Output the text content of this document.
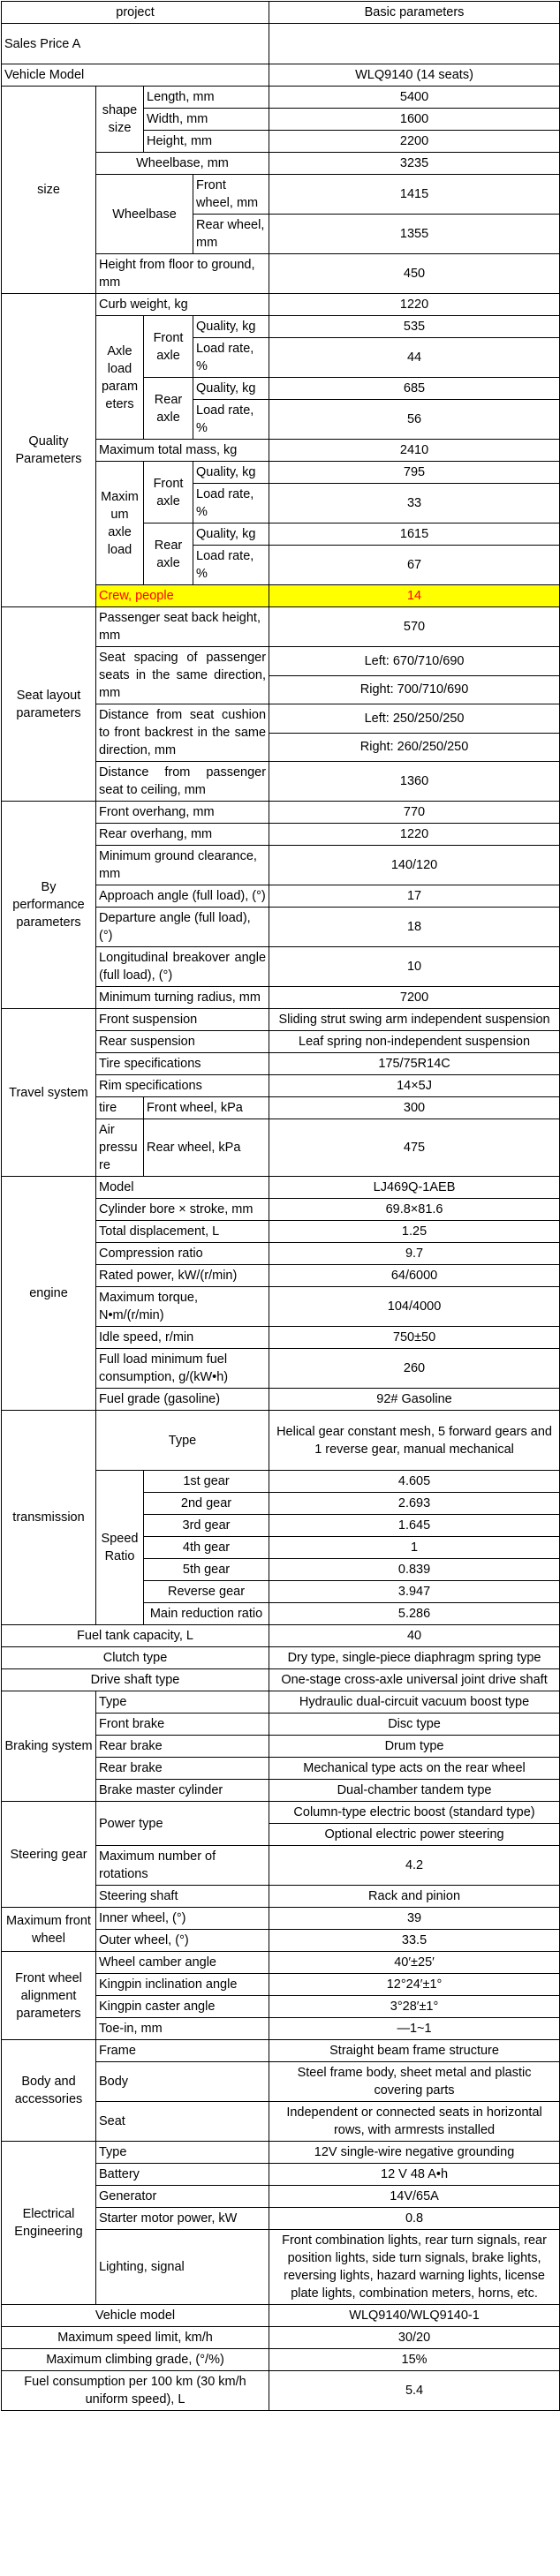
project				Basic parameters
Sales Price A				
Vehicle Model				WLQ9140 (14 seats)
size	shape
size	Length, mm		5400
		Width, mm		1600
		Height, mm		2200
	Wheelbase, mm			3235
	Wheelbase		Front wheel, mm	1415
			Rear wheel, mm	1355
	Height from floor to ground, mm			450

Quality Parameters	Curb weight, kg			1220
	Axle load parameters	Front axle	Quality, kg	535
			Load rate, %	44
		Rear axle	Quality, kg	685
			Load rate, %	56
	Maximum total mass, kg			2410
	Maximum axle load	Front axle	Quality, kg	795
			Load rate, %	33
		Rear axle	Quality, kg	1615
			Load rate, %	67
	Crew, people			14

Seat layout parameters	Passenger seat back height, mm			570
	Seat spacing of passenger seats in the same direction, mm			Left: 670/710/690
				Right: 700/710/690
	Distance from seat cushion to front backrest in the same direction, mm			Left: 250/250/250
				Right: 260/250/250
	Distance from passenger seat to ceiling, mm			1360

By performance parameters	Front overhang, mm			770
	Rear overhang, mm			1220
	Minimum ground clearance, mm			140/120
	Approach angle (full load), (°)			17
	Departure angle (full load), (°)			18
	Longitudinal breakover angle (full load), (°)			10
	Minimum turning radius, mm			7200

Travel system	Front suspension			Sliding strut swing arm independent suspension
	Rear suspension			Leaf spring non-independent suspension
	Tire specifications			175/75R14C
	Rim specifications			14×5J
	tire	Front wheel, kPa		300
	Air pressure	Rear wheel, kPa		475

engine	Model			LJ469Q-1AEB
	Cylinder bore × stroke, mm			69.8×81.6
	Total displacement, L			1.25
	Compression ratio			9.7
	Rated power, kW/(r/min)			64/6000
	Maximum torque, N•m/(r/min)			104/4000
	Idle speed, r/min			750±50
	Full load minimum fuel consumption, g/(kW•h)			260
	Fuel grade (gasoline)			92# Gasoline

transmission	Type			Helical gear constant mesh, 5 forward gears and 1 reverse gear, manual mechanical
	Speed Ratio	1st gear		4.605
		2nd gear		2.693
		3rd gear		1.645
		4th gear		1
		5th gear		0.839
		Reverse gear		3.947
		Main reduction ratio		5.286

Fuel tank capacity, L				40
Clutch type				Dry type, single-piece diaphragm spring type
Drive shaft type				One-stage cross-axle universal joint drive shaft
Braking system	Type			Hydraulic dual-circuit vacuum boost type
	Front brake			Disc type
	Rear brake			Drum type
	Rear brake			Mechanical type acts on the rear wheel
	Brake master cylinder			Dual-chamber tandem type

Steering gear	Power type			Column-type electric boost (standard type)
				Optional electric power steering
	Maximum number of rotations			4.2
	Steering shaft			Rack and pinion

Maximum front wheel	Inner wheel, (°)			39
	Outer wheel, (°)			33.5
Front wheel alignment parameters	Wheel camber angle			40′±25′
	Kingpin inclination angle			12°24′±1°
	Kingpin caster angle			3°28′±1°
	Toe-in, mm			—1~1

Body and accessories	Frame			Straight beam frame structure
	Body			Steel frame body, sheet metal and plastic covering parts
	Seat			Independent or connected seats in horizontal rows, with armrests installed

Electrical Engineering	Type			12V single-wire negative grounding
	Battery			12 V 48 A•h
	Generator			14V/65A
	Starter motor power, kW			0.8
	Lighting, signal			Front combination lights, rear turn signals, rear position lights, side turn signals, brake lights, reversing lights, hazard warning lights, license plate lights, combination meters, horns, etc.

Vehicle model				WLQ9140/WLQ9140-1
Maximum speed limit, km/h				30/20
Maximum climbing grade, (°/%)				15%
Fuel consumption per 100 km (30 km/h uniform speed), L				5.4
